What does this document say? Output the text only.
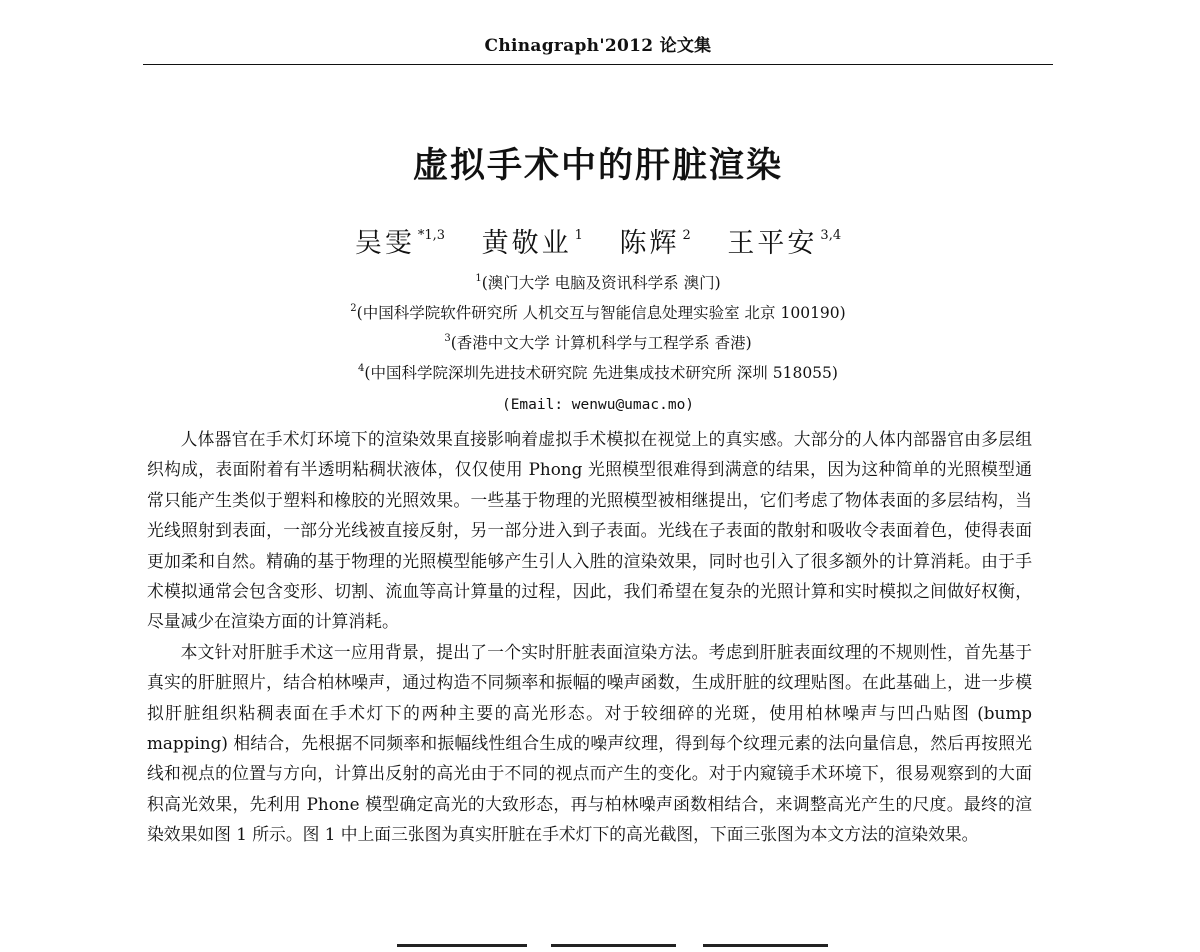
Chinagraph'2012 论文集
虚拟手术中的肝脏渲染
吴雯 $^{*1,3}$ 黄敬业 $^1$ 陈辉 $^2$ 王平安 $^{3,4}$
$^1$(澳门大学 电脑及资讯科学系 澳门)
$^2$(中国科学院软件研究所 人机交互与智能信息处理实验室 北京 100190)
$^3$(香港中文大学 计算机科学与工程学系 香港)
$^4$(中国科学院深圳先进技术研究院 先进集成技术研究所 深圳 518055)
(Email: wenwu@umac.mo)

人体器官在手术灯环境下的渲染效果直接影响着虚拟手术模拟在视觉上的真实感。大部分的人体内部器官由多层组织构成，表面附着有半透明粘稠状液体，仅仅使用 Phong 光照模型很难得到满意的结果，因为这种简单的光照模型通常只能产生类似于塑料和橡胶的光照效果。一些基于物理的光照模型被相继提出，它们考虑了物体表面的多层结构，当光线照射到表面，一部分光线被直接反射，另一部分进入到子表面。光线在子表面的散射和吸收令表面着色，使得表面更加柔和自然。精确的基于物理的光照模型能够产生引人入胜的渲染效果，同时也引入了很多额外的计算消耗。由于手术模拟通常会包含变形、切割、流血等高计算量的过程，因此，我们希望在复杂的光照计算和实时模拟之间做好权衡，尽量减少在渲染方面的计算消耗。

本文针对肝脏手术这一应用背景，提出了一个实时肝脏表面渲染方法。考虑到肝脏表面纹理的不规则性，首先基于真实的肝脏照片，结合柏林噪声，通过构造不同频率和振幅的噪声函数，生成肝脏的纹理贴图。在此基础上，进一步模拟肝脏组织粘稠表面在手术灯下的两种主要的高光形态。对于较细碎的光斑，使用柏林噪声与凹凸贴图 (bump mapping) 相结合，先根据不同频率和振幅线性组合生成的噪声纹理，得到每个纹理元素的法向量信息，然后再按照光线和视点的位置与方向，计算出反射的高光由于不同的视点而产生的变化。对于内窥镜手术环境下，很易观察到的大面积高光效果，先利用 Phone 模型确定高光的大致形态，再与柏林噪声函数相结合，来调整高光产生的尺度。最终的渲染效果如图 1 所示。图 1 中上面三张图为真实肝脏在手术灯下的高光截图，下面三张图为本文方法的渲染效果。
